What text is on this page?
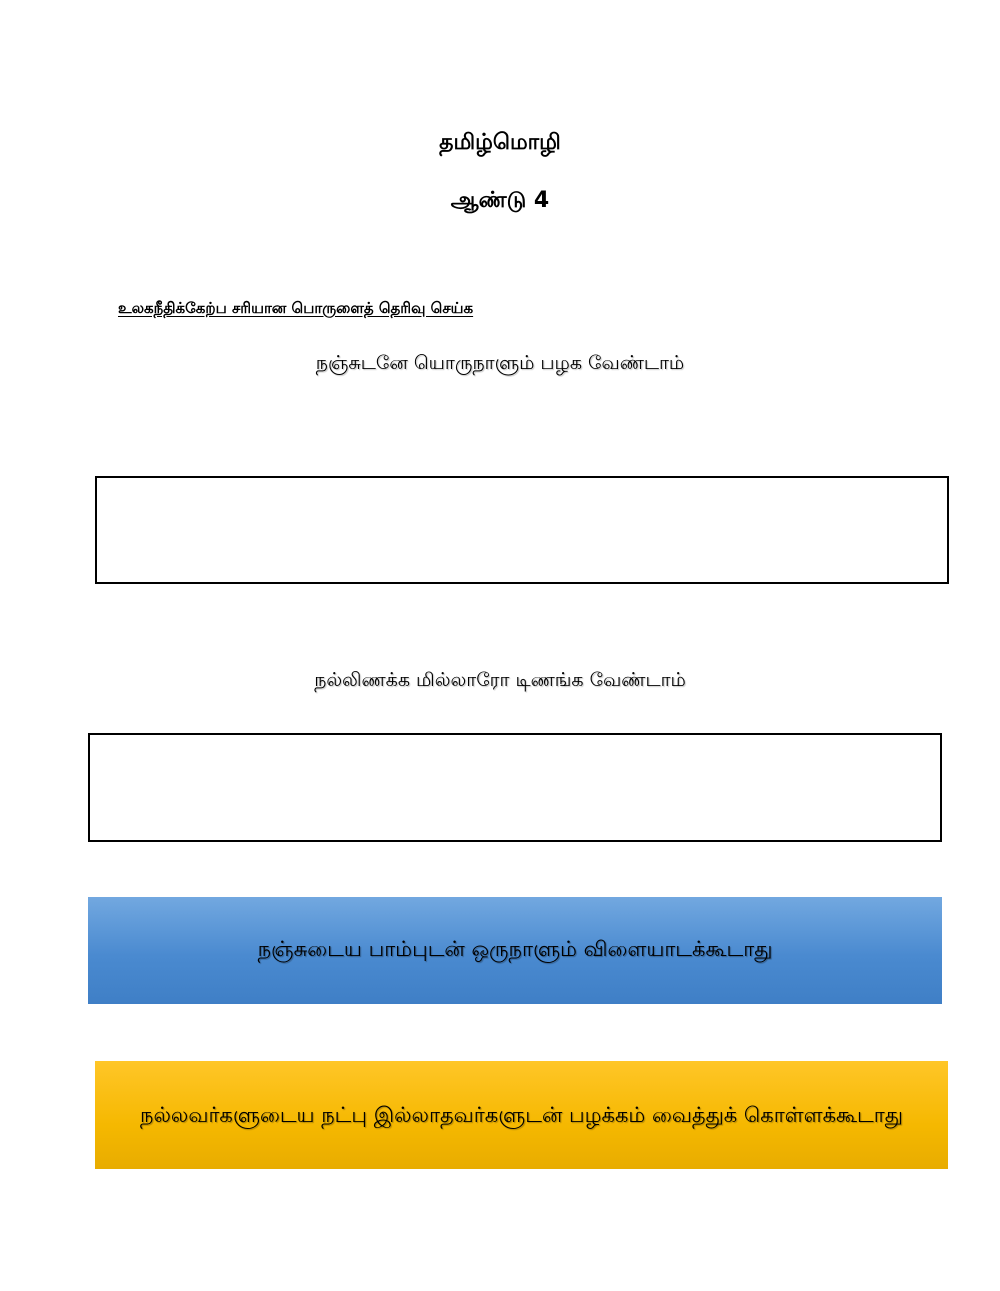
தமிழ்மொழி
ஆண்டு 4
உலகநீதிக்கேற்ப சரியான பொருளைத் தெரிவு செய்க
நஞ்சுடனே யொருநாளும் பழக வேண்டாம்
நல்லிணக்க மில்லாரோ டிணங்க வேண்டாம்
நஞ்சுடைய பாம்புடன் ஒருநாளும் விளையாடக்கூடாது
நல்லவர்களுடைய நட்பு இல்லாதவர்களுடன் பழக்கம் வைத்துக் கொள்ளக்கூடாது
